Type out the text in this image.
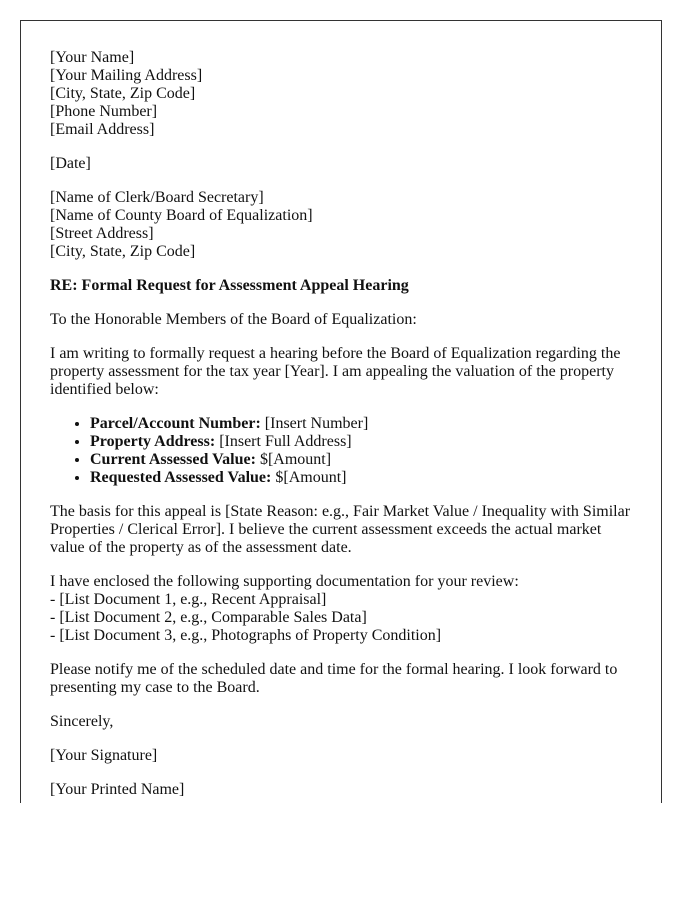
[Your Name]
[Your Mailing Address]
[City, State, Zip Code]
[Phone Number]
[Email Address]

[Date]

[Name of Clerk/Board Secretary]
[Name of County Board of Equalization]
[Street Address]
[City, State, Zip Code]

RE: Formal Request for Assessment Appeal Hearing

To the Honorable Members of the Board of Equalization:

I am writing to formally request a hearing before the Board of Equalization regarding the property assessment for the tax year [Year]. I am appealing the valuation of the property identified below:

• Parcel/Account Number: [Insert Number]
• Property Address: [Insert Full Address]
• Current Assessed Value: $[Amount]
• Requested Assessed Value: $[Amount]

The basis for this appeal is [State Reason: e.g., Fair Market Value / Inequality with Similar Properties / Clerical Error]. I believe the current assessment exceeds the actual market value of the property as of the assessment date.

I have enclosed the following supporting documentation for your review:
- [List Document 1, e.g., Recent Appraisal]
- [List Document 2, e.g., Comparable Sales Data]
- [List Document 3, e.g., Photographs of Property Condition]

Please notify me of the scheduled date and time for the formal hearing. I look forward to presenting my case to the Board.

Sincerely,

[Your Signature]

[Your Printed Name]
